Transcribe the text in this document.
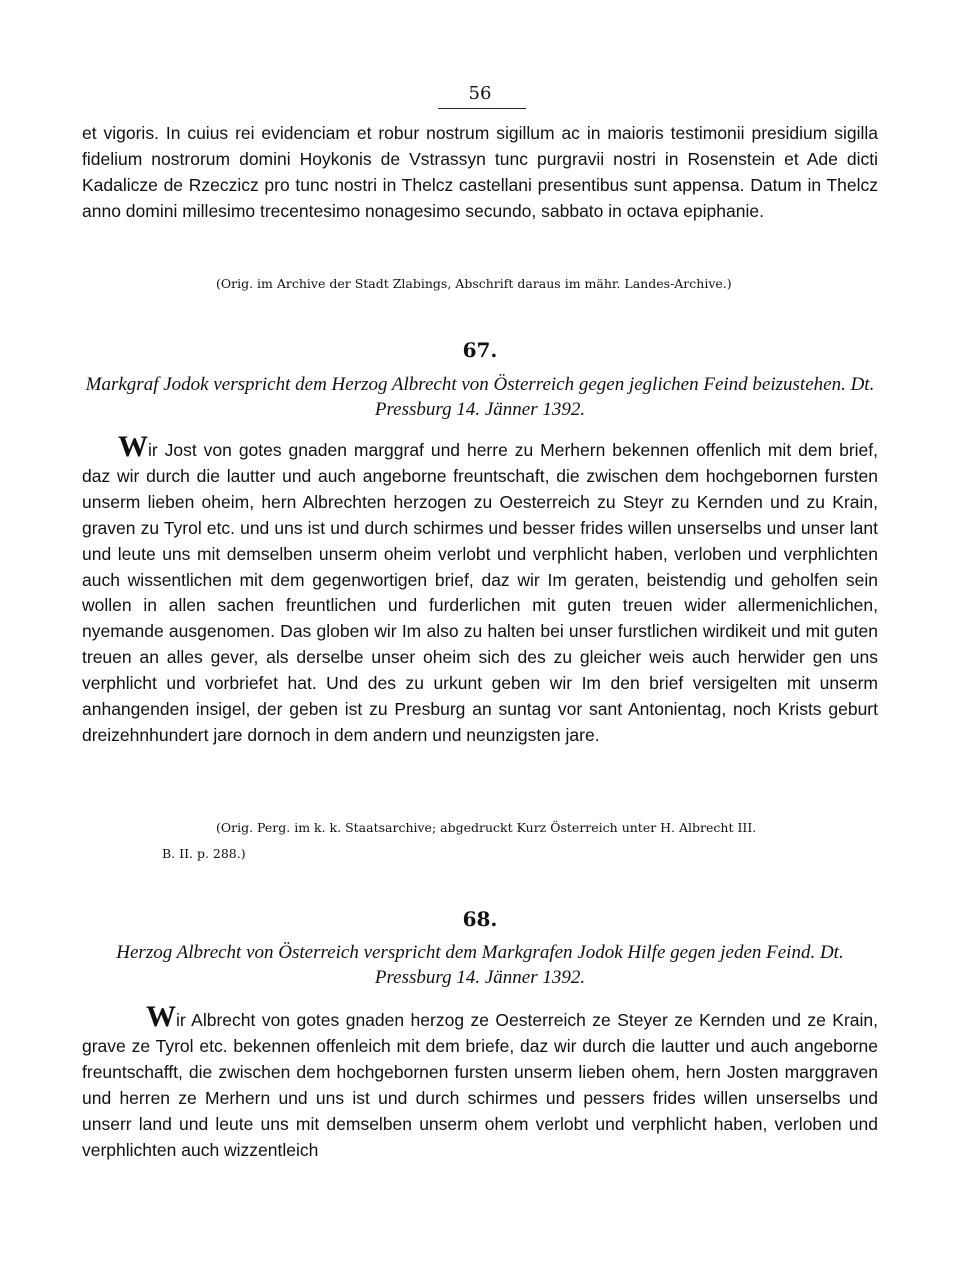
56

et vigoris. In cuius rei evidenciam et robur nostrum sigillum ac in maioris testimonii presidium sigilla fidelium nostrorum domini Hoykonis de Vstrassyn tunc purgravii nostri in Rosenstein et Ade dicti Kadalicze de Rzeczicz pro tunc nostri in Thelcz castellani presentibus sunt appensa. Datum in Thelcz anno domini millesimo trecentesimo nonagesimo secundo, sabbato in octava epiphanie.

(Orig. im Archive der Stadt Zlabings, Abschrift daraus im mähr. Landes-Archive.)

67.

Markgraf Jodok verspricht dem Herzog Albrecht von Österreich gegen jeglichen Feind beizustehen. Dt. Pressburg 14. Jänner 1392.

Wir Jost von gotes gnaden marggraf und herre zu Merhern bekennen offenlich mit dem brief, daz wir durch die lautter und auch angeborne freuntschaft, die zwischen dem hochgebornen fursten unserm lieben oheim, hern Albrechten herzogen zu Oesterreich zu Steyr zu Kernden und zu Krain, graven zu Tyrol etc. und uns ist und durch schirmes und besser frides willen unserselbs und unser lant und leute uns mit demselben unserm oheim verlobt und verphlicht haben, verloben und verphlichten auch wissentlichen mit dem gegenwortigen brief, daz wir Im geraten, beistendig und geholfen sein wollen in allen sachen freuntlichen und furderlichen mit guten treuen wider allermenichlichen, nyemande ausgenomen. Das globen wir Im also zu halten bei unser furstlichen wirdikeit und mit guten treuen an alles gever, als derselbe unser oheim sich des zu gleicher weis auch herwider gen uns verphlicht und vorbriefet hat. Und des zu urkunt geben wir Im den brief versigelten mit unserm anhangenden insigel, der geben ist zu Presburg an suntag vor sant Antonientag, noch Krists geburt dreizehnhundert jare dornoch in dem andern und neunzigsten jare.

(Orig. Perg. im k. k. Staatsarchive; abgedruckt Kurz Österreich unter H. Albrecht III.

B. II. p. 288.)

68.

Herzog Albrecht von Österreich verspricht dem Markgrafen Jodok Hilfe gegen jeden Feind. Dt. Pressburg 14. Jänner 1392.

Wir Albrecht von gotes gnaden herzog ze Oesterreich ze Steyer ze Kernden und ze Krain, grave ze Tyrol etc. bekennen offenleich mit dem briefe, daz wir durch die lautter und auch angeborne freuntschafft, die zwischen dem hochgebornen fursten unserm lieben ohem, hern Josten marggraven und herren ze Merhern und uns ist und durch schirmes und pessers frides willen unserselbs und unserr land und leute uns mit demselben unserm ohem verlobt und verphlicht haben, verloben und verphlichten auch wizzentleich
